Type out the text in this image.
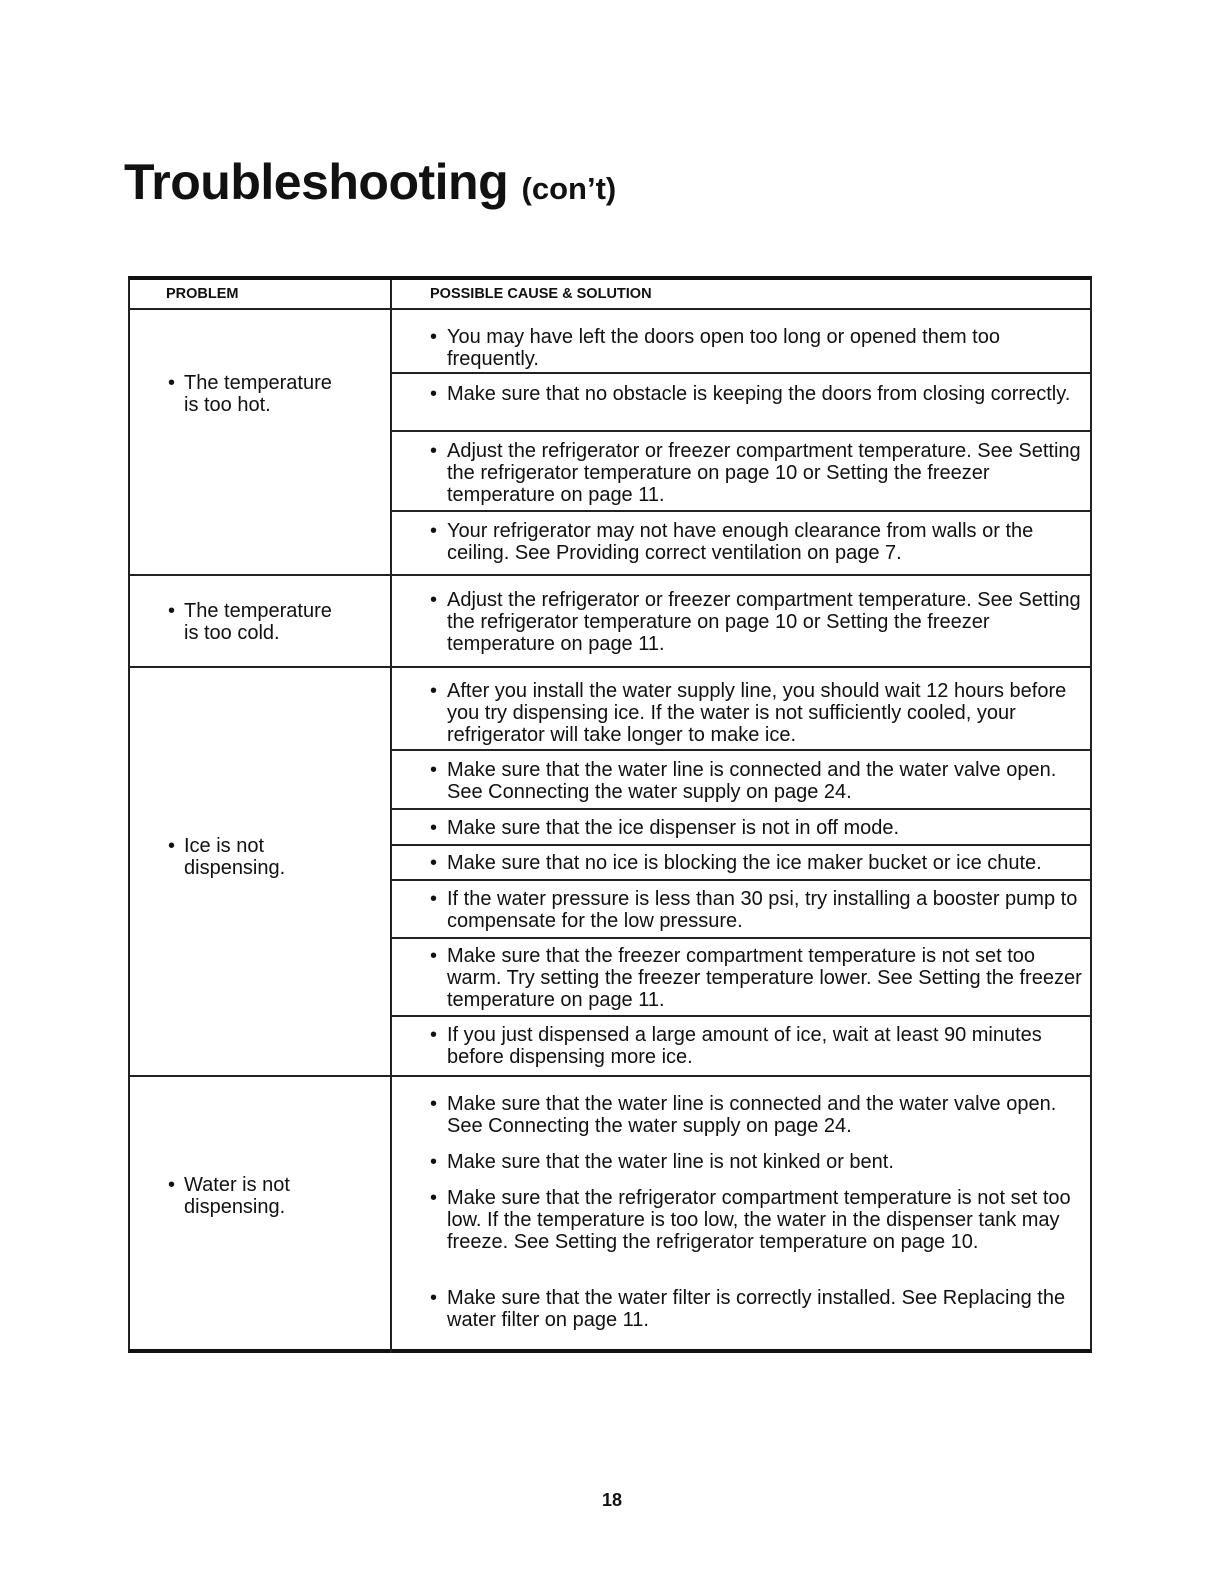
Troubleshooting (con’t)
PROBLEM	POSSIBLE CAUSE & SOLUTION
• The temperature
is too hot.
• The temperature
is too cold.
• Ice is not
dispensing.
• Water is not
dispensing.
• You may have left the doors open too long or opened them too frequently.
• Make sure that no obstacle is keeping the doors from closing correctly.
• Adjust the refrigerator or freezer compartment temperature. See Setting the refrigerator temperature on page 10 or Setting the freezer temperature on page 11.
• Your refrigerator may not have enough clearance from walls or the ceiling. See Providing correct ventilation on page 7.
• Adjust the refrigerator or freezer compartment temperature. See Setting the refrigerator temperature on page 10 or Setting the freezer temperature on page 11.
• After you install the water supply line, you should wait 12 hours before you try dispensing ice. If the water is not sufficiently cooled, your refrigerator will take longer to make ice.
• Make sure that the water line is connected and the water valve open. See Connecting the water supply on page 24.
• Make sure that the ice dispenser is not in off mode.
• Make sure that no ice is blocking the ice maker bucket or ice chute.
• If the water pressure is less than 30 psi, try installing a booster pump to compensate for the low pressure.
• Make sure that the freezer compartment temperature is not set too warm. Try setting the freezer temperature lower. See Setting the freezer temperature on page 11.
• If you just dispensed a large amount of ice, wait at least 90 minutes before dispensing more ice.
• Make sure that the water line is connected and the water valve open. See Connecting the water supply on page 24.
• Make sure that the water line is not kinked or bent.
• Make sure that the refrigerator compartment temperature is not set too low. If the temperature is too low, the water in the dispenser tank may freeze. See Setting the refrigerator temperature on page 10.
• Make sure that the water filter is correctly installed. See Replacing the water filter on page 11.
18
